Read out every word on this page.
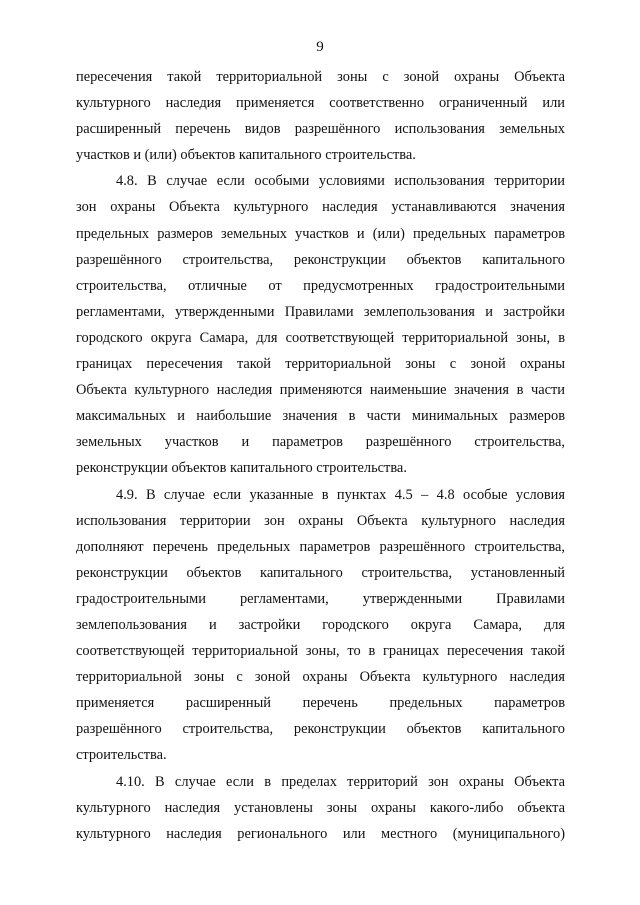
9
пересечения такой территориальной зоны с зоной охраны Объекта
культурного наследия применяется соответственно ограниченный или
расширенный перечень видов разрешённого использования земельных
участков и (или) объектов капитального строительства.
4.8. В случае если особыми условиями использования территории
зон охраны Объекта культурного наследия устанавливаются значения
предельных размеров земельных участков и (или) предельных параметров
разрешённого строительства, реконструкции объектов капитального
строительства, отличные от предусмотренных градостроительными
регламентами, утвержденными Правилами землепользования и застройки
городского округа Самара, для соответствующей территориальной зоны, в
границах пересечения такой территориальной зоны с зоной охраны
Объекта культурного наследия применяются наименьшие значения в части
максимальных и наибольшие значения в части минимальных размеров
земельных участков и параметров разрешённого строительства,
реконструкции объектов капитального строительства.
4.9. В случае если указанные в пунктах 4.5 – 4.8 особые условия
использования территории зон охраны Объекта культурного наследия
дополняют перечень предельных параметров разрешённого строительства,
реконструкции объектов капитального строительства, установленный
градостроительными регламентами, утвержденными Правилами
землепользования и застройки городского округа Самара, для
соответствующей территориальной зоны, то в границах пересечения такой
территориальной зоны с зоной охраны Объекта культурного наследия
применяется расширенный перечень предельных параметров
разрешённого строительства, реконструкции объектов капитального
строительства.
4.10. В случае если в пределах территорий зон охраны Объекта
культурного наследия установлены зоны охраны какого-либо объекта
культурного наследия регионального или местного (муниципального)
